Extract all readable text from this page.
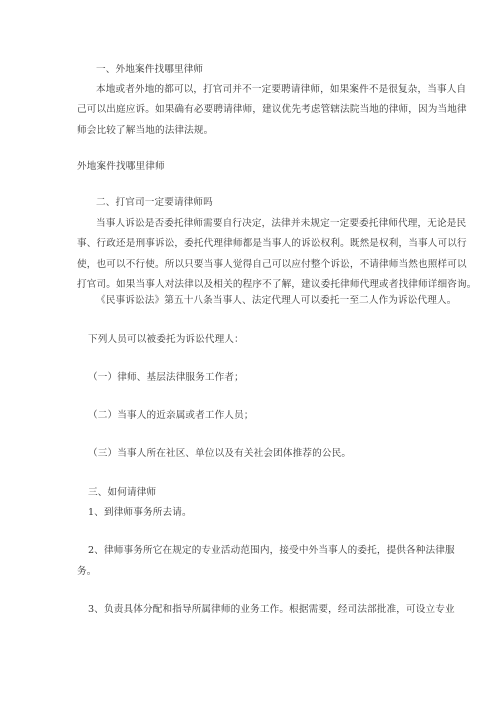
一、外地案件找哪里律师
本地或者外地的都可以，打官司并不一定要聘请律师，如果案件不是很复杂，当事人自
己可以出庭应诉。如果确有必要聘请律师，建议优先考虑管辖法院当地的律师，因为当地律
师会比较了解当地的法律法规。
外地案件找哪里律师
二、打官司一定要请律师吗
当事人诉讼是否委托律师需要自行决定，法律并未规定一定要委托律师代理，无论是民
事、行政还是刑事诉讼，委托代理律师都是当事人的诉讼权利。既然是权利，当事人可以行
使，也可以不行使。所以只要当事人觉得自己可以应付整个诉讼，不请律师当然也照样可以
打官司。如果当事人对法律以及相关的程序不了解，建议委托律师代理或者找律师详细咨询。
《民事诉讼法》第五十八条当事人、法定代理人可以委托一至二人作为诉讼代理人。
下列人员可以被委托为诉讼代理人：
（一）律师、基层法律服务工作者；
（二）当事人的近亲属或者工作人员；
（三）当事人所在社区、单位以及有关社会团体推荐的公民。
三、如何请律师
1、到律师事务所去请。
2、律师事务所它在规定的专业活动范围内，接受中外当事人的委托，提供各种法律服
务。
3、负责具体分配和指导所属律师的业务工作。根据需要，经司法部批准，可设立专业
